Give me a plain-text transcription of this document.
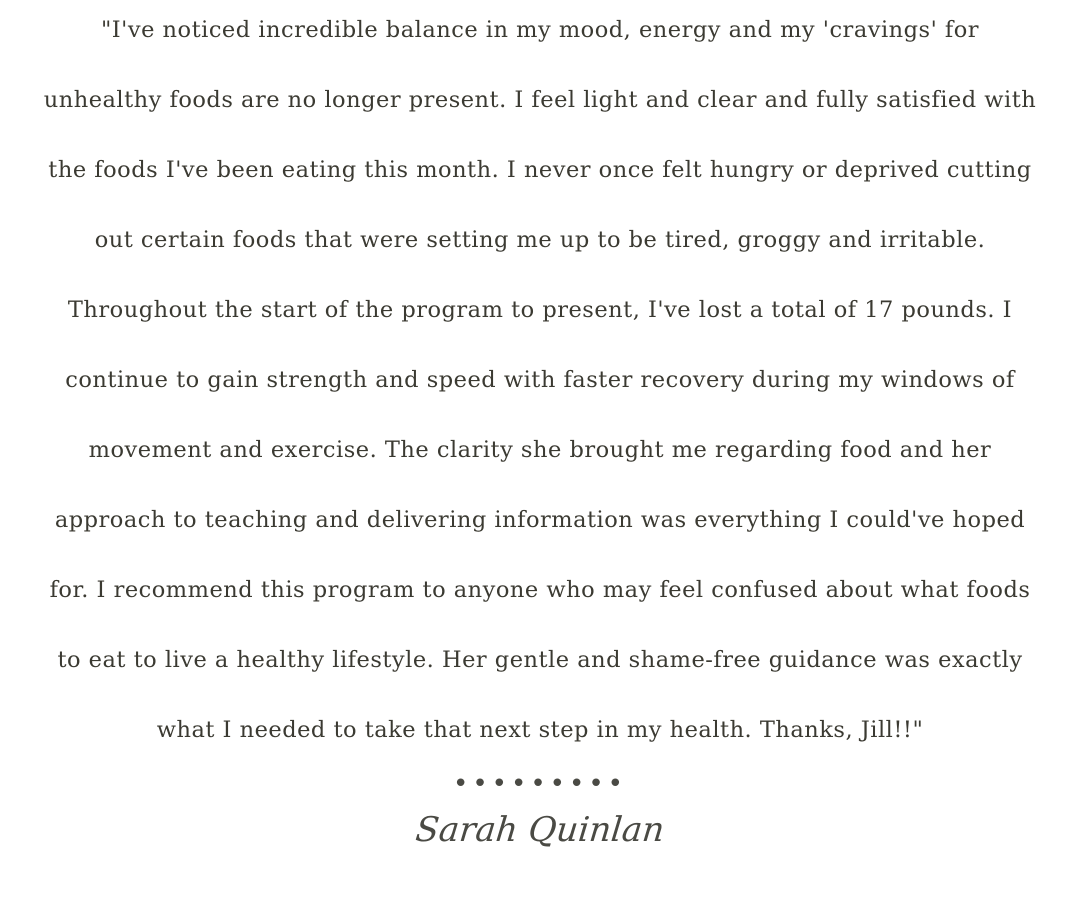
"I've noticed incredible balance in my mood, energy and my 'cravings' for
unhealthy foods are no longer present. I feel light and clear and fully satisfied with
the foods I've been eating this month. I never once felt hungry or deprived cutting
out certain foods that were setting me up to be tired, groggy and irritable.
Throughout the start of the program to present, I've lost a total of 17 pounds. I
continue to gain strength and speed with faster recovery during my windows of
movement and exercise. The clarity she brought me regarding food and her
approach to teaching and delivering information was everything I could've hoped
for. I recommend this program to anyone who may feel confused about what foods
to eat to live a healthy lifestyle. Her gentle and shame-free guidance was exactly
what I needed to take that next step in my health. Thanks, Jill!!"
•••••••••
Sarah Quinlan
